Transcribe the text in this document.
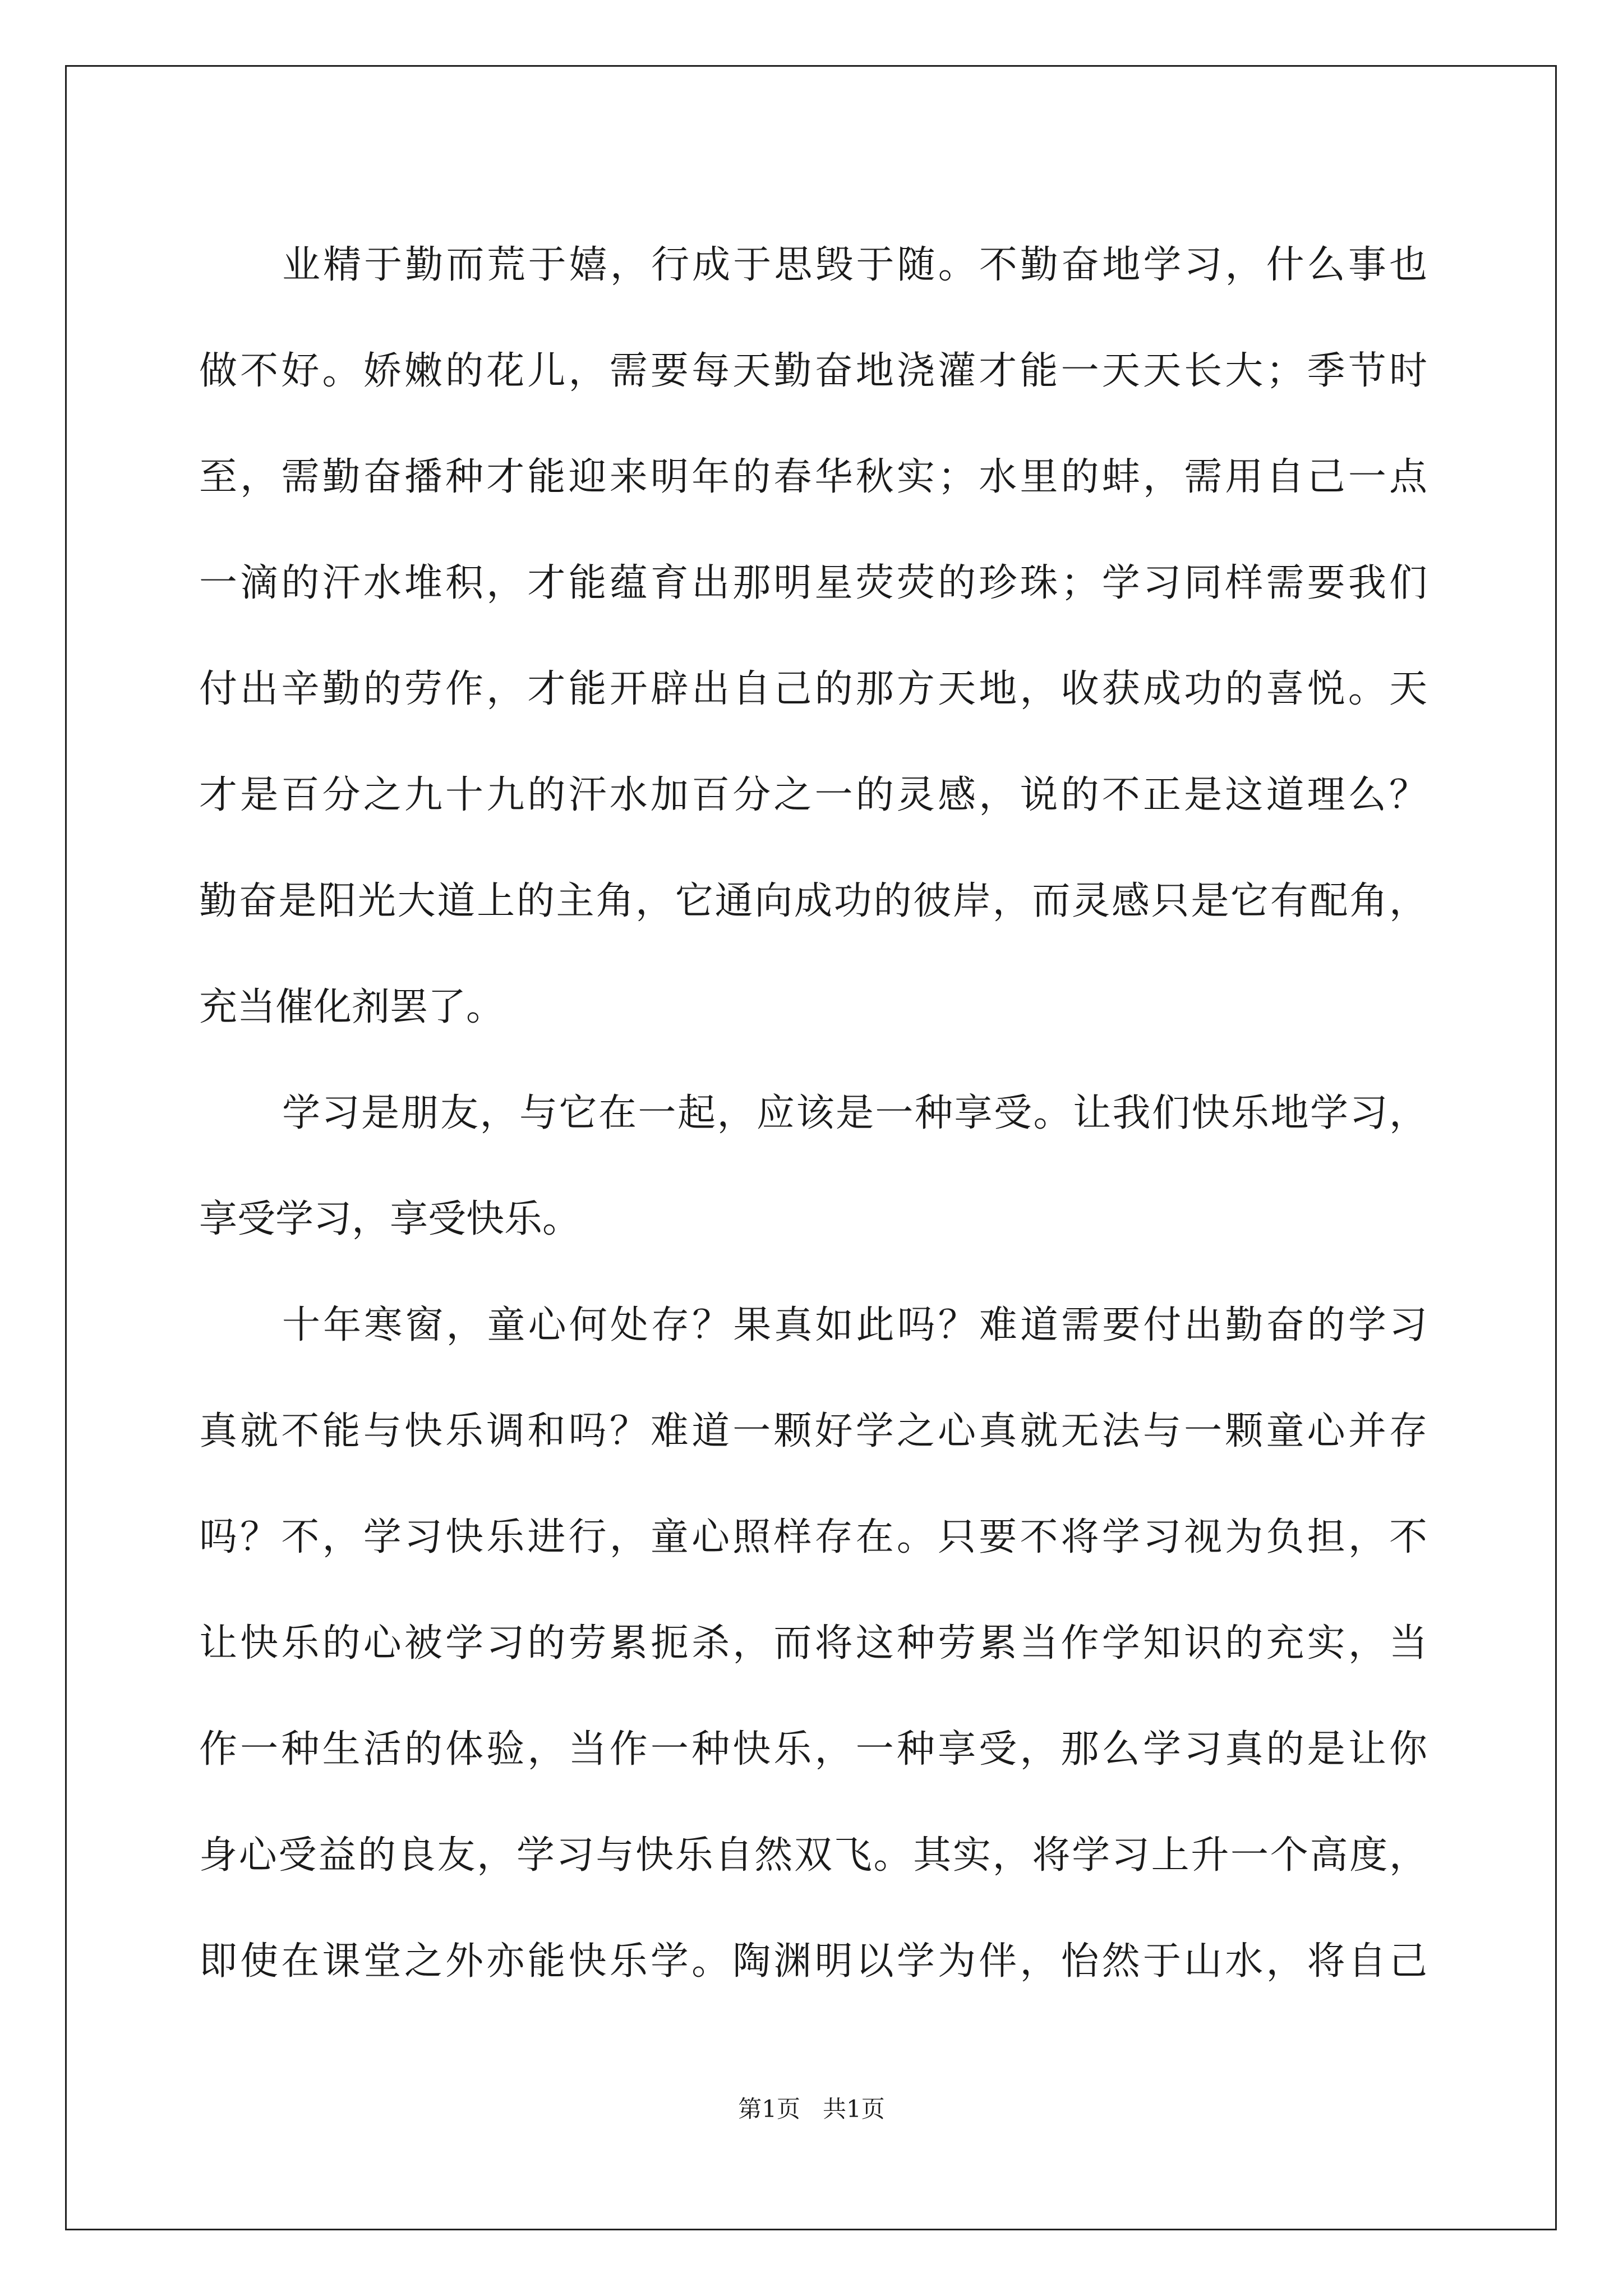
业精于勤而荒于嬉，行成于思毁于随。不勤奋地学习，什么事也
做不好。娇嫩的花儿，需要每天勤奋地浇灌才能一天天长大；季节时
至，需勤奋播种才能迎来明年的春华秋实；水里的蚌，需用自己一点
一滴的汗水堆积，才能蕴育出那明星荧荧的珍珠；学习同样需要我们
付出辛勤的劳作，才能开辟出自己的那方天地，收获成功的喜悦。天
才是百分之九十九的汗水加百分之一的灵感，说的不正是这道理么？
勤奋是阳光大道上的主角，它通向成功的彼岸，而灵感只是它有配角，
充当催化剂罢了。
学习是朋友，与它在一起，应该是一种享受。让我们快乐地学习，
享受学习，享受快乐。
十年寒窗，童心何处存？果真如此吗？难道需要付出勤奋的学习
真就不能与快乐调和吗？难道一颗好学之心真就无法与一颗童心并存
吗？不，学习快乐进行，童心照样存在。只要不将学习视为负担，不
让快乐的心被学习的劳累扼杀，而将这种劳累当作学知识的充实，当
作一种生活的体验，当作一种快乐，一种享受，那么学习真的是让你
身心受益的良友，学习与快乐自然双飞。其实，将学习上升一个高度，
即使在课堂之外亦能快乐学。陶渊明以学为伴，怡然于山水，将自己
第1页 共1页
